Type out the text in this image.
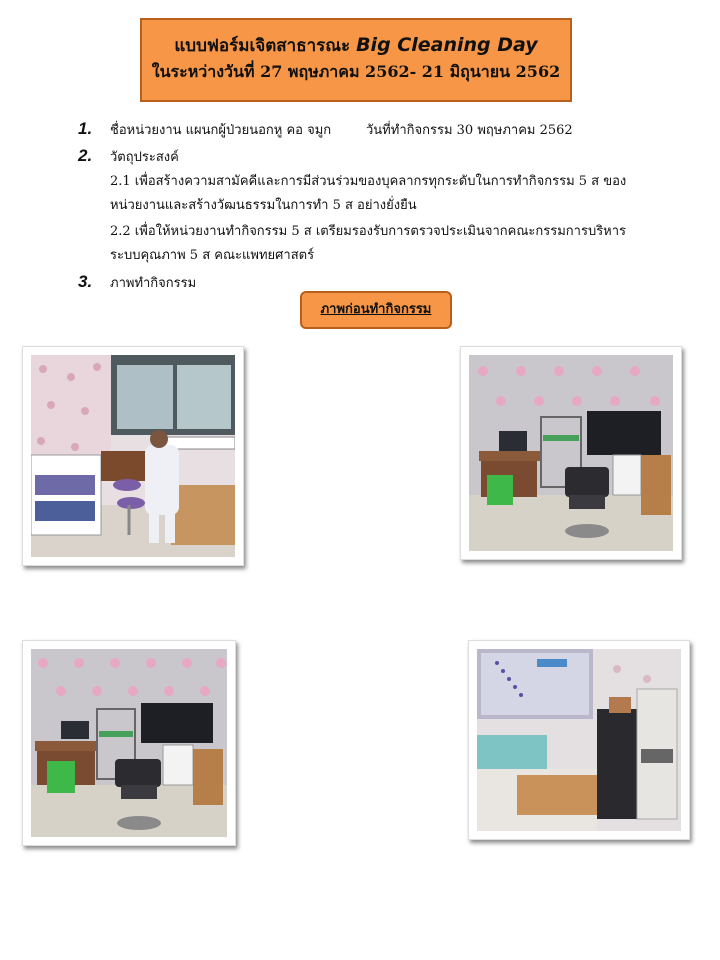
แบบฟอร์มเจิตสาธารณะ Big Cleaning Day
ในระหว่างวันที่ 27 พฤษภาคม 2562- 21 มิถุนายน 2562
1. ชื่อหน่วยงาน แผนกผู้ป่วยนอกหู คอ จมูก	วันที่ทำกิจกรรม 30 พฤษภาคม 2562
2. วัตถุประสงค์
2.1 เพื่อสร้างความสามัคคีและการมีส่วนร่วมของบุคลากรทุกระดับในการทำกิจกรรม 5 ส ของ
หน่วยงานและสร้างวัฒนธรรมในการทำ 5 ส อย่างยั่งยืน
2.2 เพื่อให้หน่วยงานทำกิจกรรม 5 ส เตรียมรองรับการตรวจประเมินจากคณะกรรมการบริหาร
ระบบคุณภาพ 5 ส คณะแพทยศาสตร์
3. ภาพทำกิจกรรม
ภาพก่อนทำกิจกรรม
